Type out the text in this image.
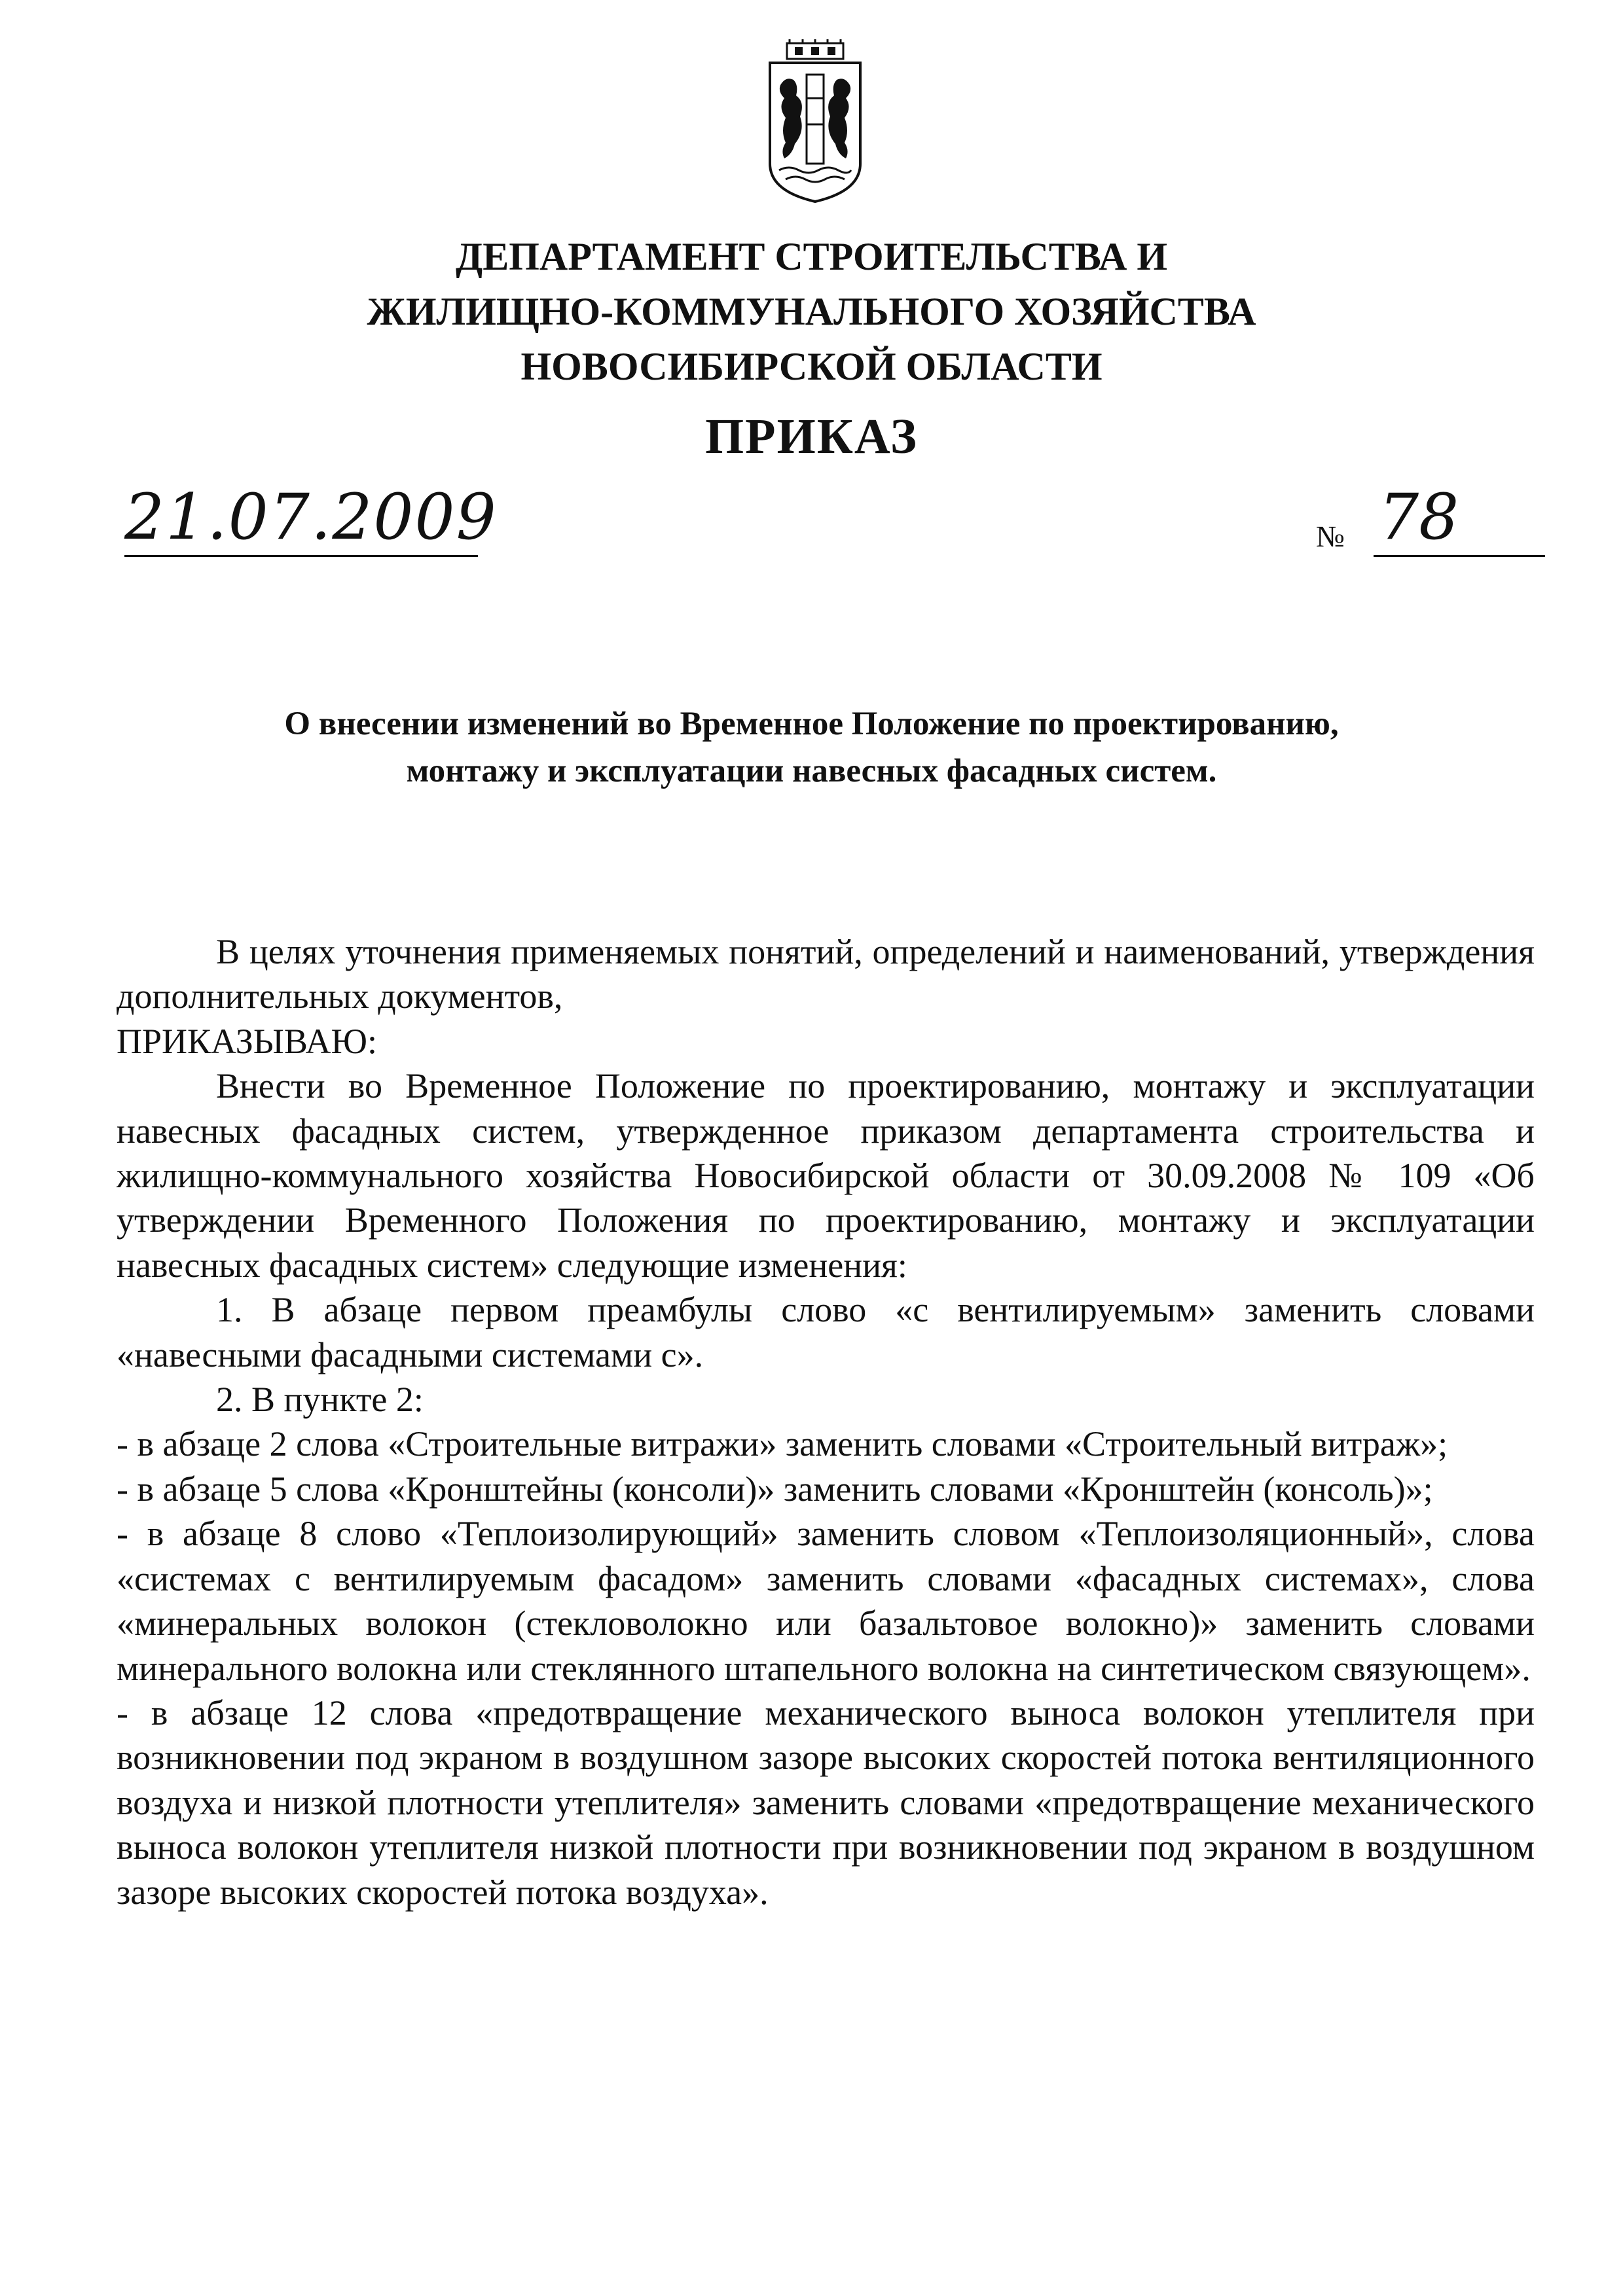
ДЕПАРТАМЕНТ СТРОИТЕЛЬСТВА И
ЖИЛИЩНО-КОММУНАЛЬНОГО ХОЗЯЙСТВА
НОВОСИБИРСКОЙ ОБЛАСТИ
ПРИКАЗ
21.07.2009	№ 78
О внесении изменений во Временное Положение по проектированию,
монтажу и эксплуатации навесных фасадных систем.

В целях уточнения применяемых понятий, определений и наименований, утверждения дополнительных документов,

ПРИКАЗЫВАЮ:

Внести во Временное Положение по проектированию, монтажу и эксплуатации навесных фасадных систем, утвержденное приказом департамента строительства и жилищно-коммунального хозяйства Новосибирской области от 30.09.2008 № 109 «Об утверждении Временного Положения по проектированию, монтажу и эксплуатации навесных фасадных систем» следующие изменения:

1. В абзаце первом преамбулы слово «с вентилируемым» заменить словами «навесными фасадными системами с».

2. В пункте 2:

- в абзаце 2 слова «Строительные витражи» заменить словами «Строительный витраж»;

- в абзаце 5 слова «Кронштейны (консоли)» заменить словами «Кронштейн (консоль)»;

- в абзаце 8 слово «Теплоизолирующий» заменить словом «Теплоизоляционный», слова «системах с вентилируемым фасадом» заменить словами «фасадных системах», слова «минеральных волокон (стекловолокно или базальтовое волокно)» заменить словами минерального волокна или стеклянного штапельного волокна на синтетическом связующем».

- в абзаце 12 слова «предотвращение механического выноса волокон утеплителя при возникновении под экраном в воздушном зазоре высоких скоростей потока вентиляционного воздуха и низкой плотности утеплителя» заменить словами «предотвращение механического выноса волокон утеплителя низкой плотности при возникновении под экраном в воздушном зазоре высоких скоростей потока воздуха».
